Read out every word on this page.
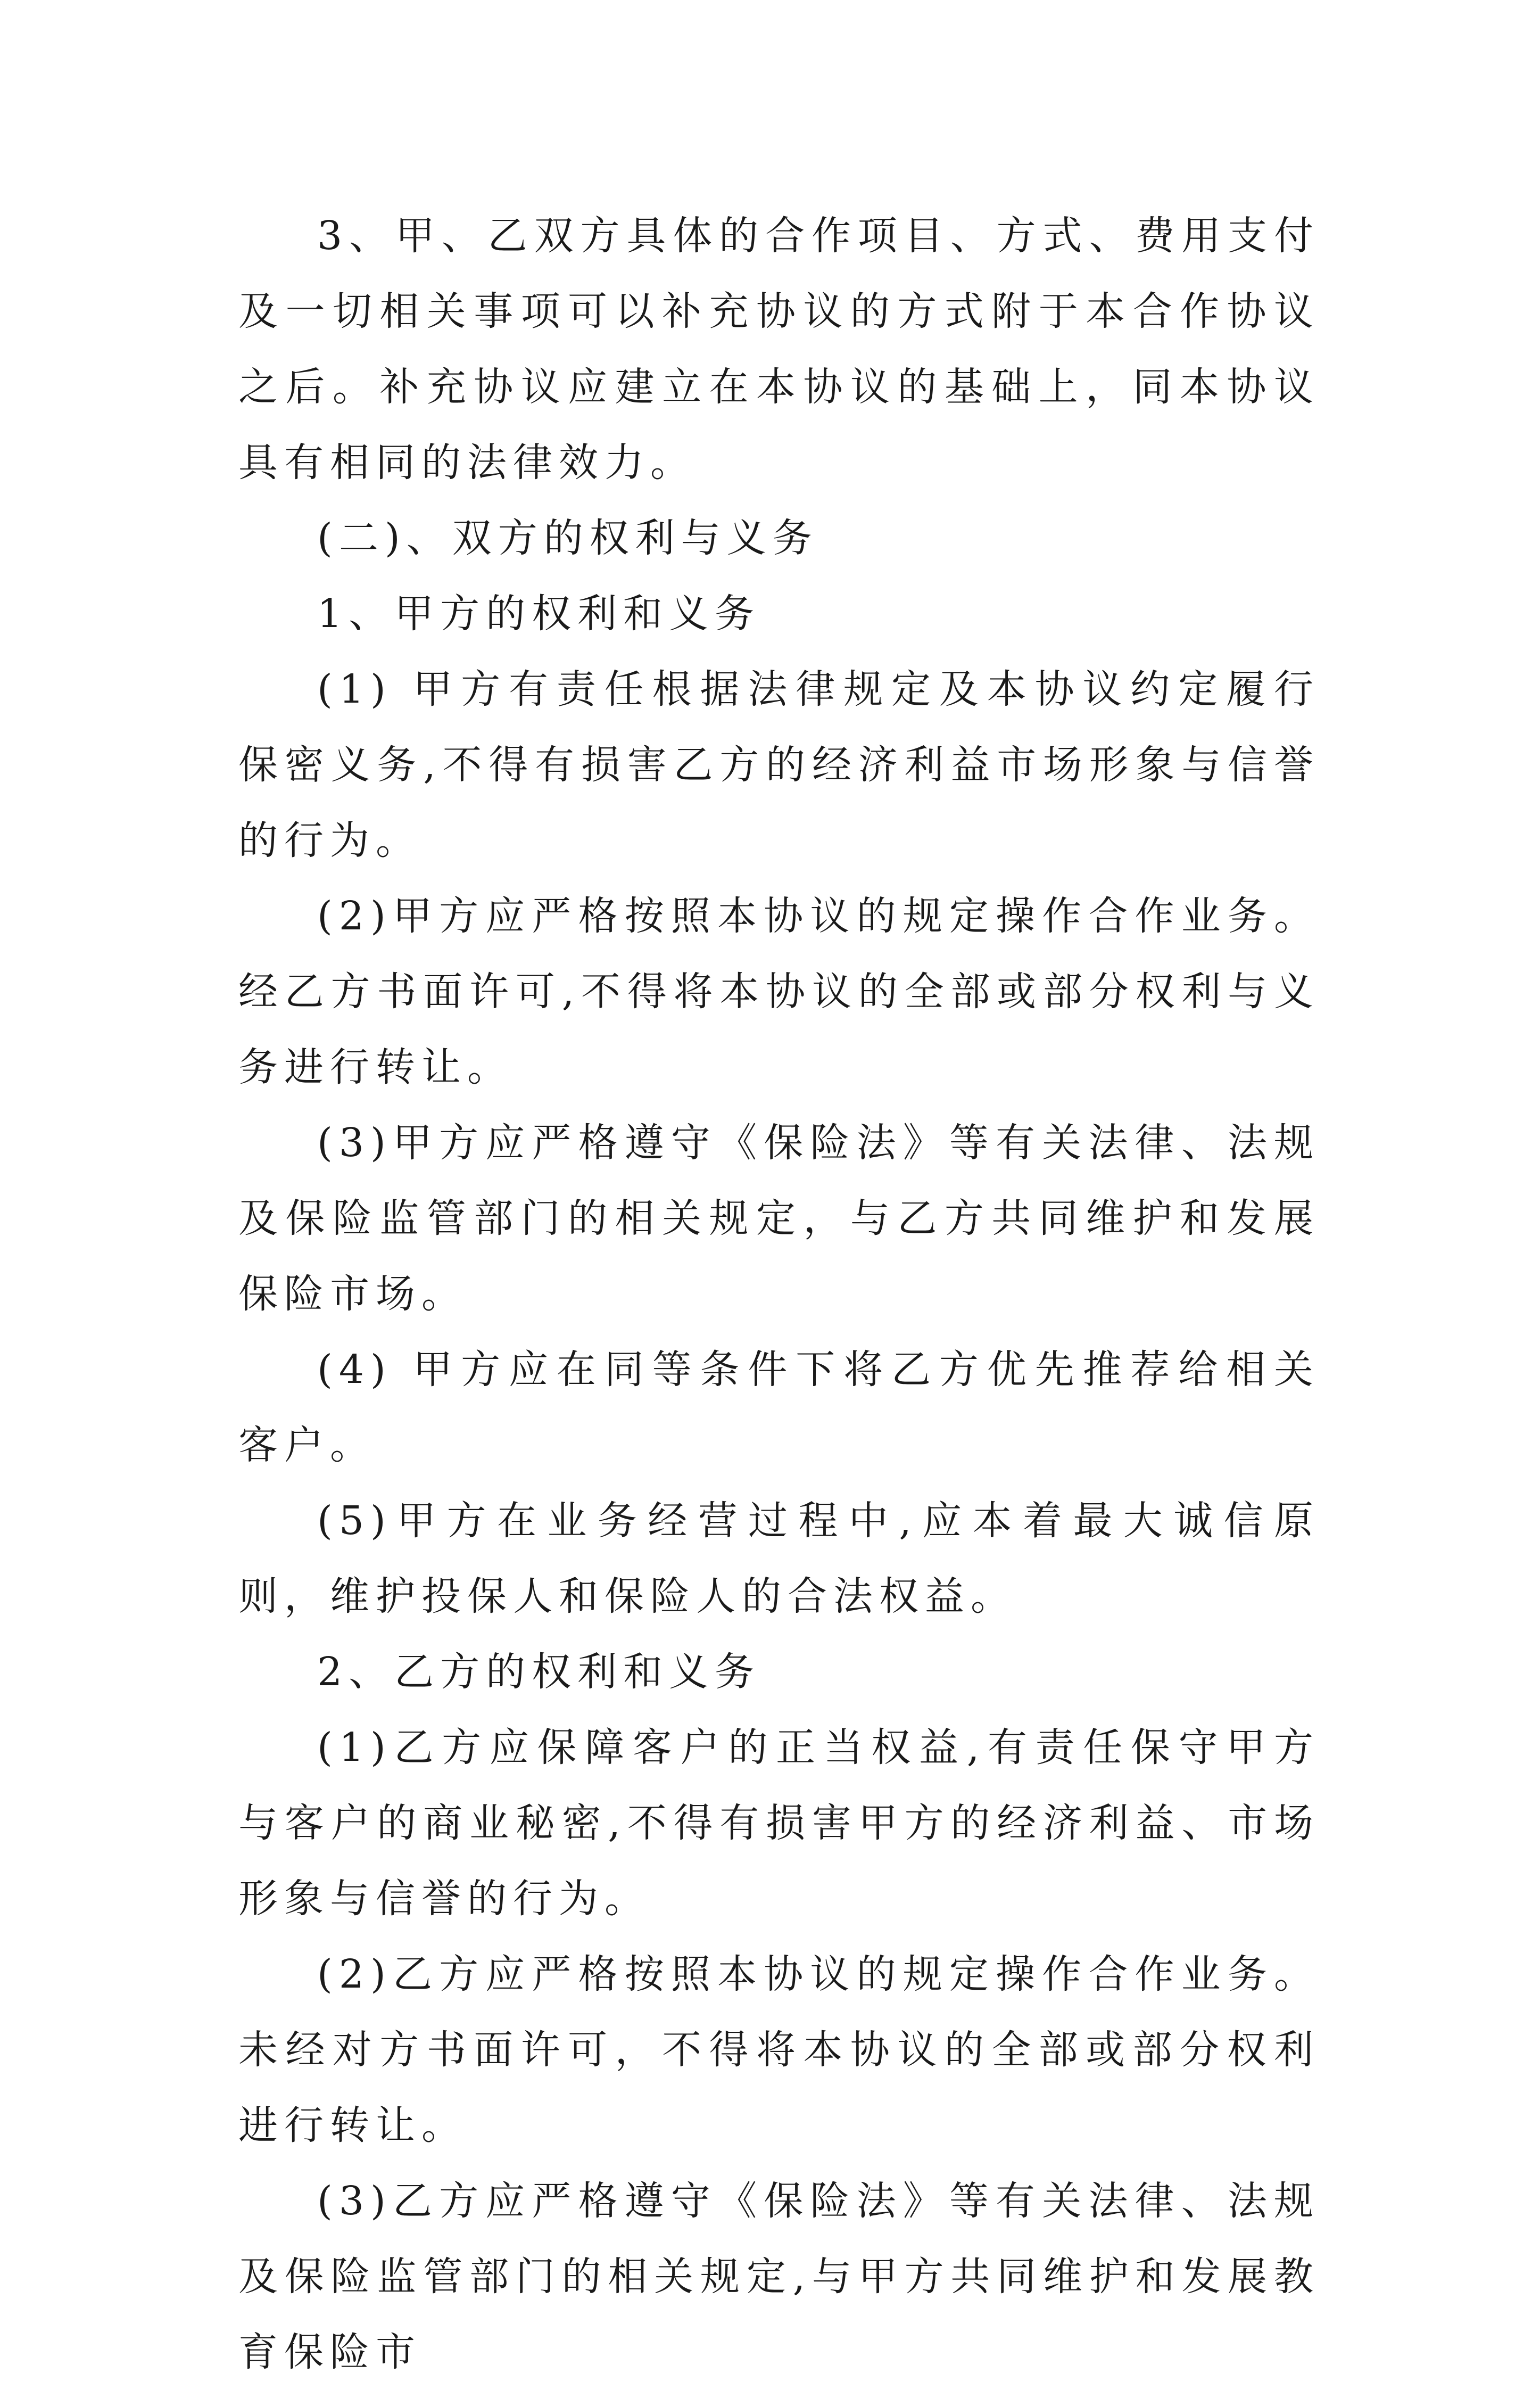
3、甲、乙双方具体的合作项目、方式、费用支付及一切相关事项可以补充协议的方式附于本合作协议之后。补充协议应建立在本协议的基础上，同本协议具有相同的法律效力。

(二)、双方的权利与义务

1、甲方的权利和义务

(1) 甲方有责任根据法律规定及本协议约定履行保密义务,不得有损害乙方的经济利益市场形象与信誉的行为。

(2)甲方应严格按照本协议的规定操作合作业务。经乙方书面许可,不得将本协议的全部或部分权利与义务进行转让。

(3)甲方应严格遵守《保险法》等有关法律、法规及保险监管部门的相关规定，与乙方共同维护和发展保险市场。

(4) 甲方应在同等条件下将乙方优先推荐给相关客户。

(5)甲方在业务经营过程中,应本着最大诚信原则，维护投保人和保险人的合法权益。

2、乙方的权利和义务

(1)乙方应保障客户的正当权益,有责任保守甲方与客户的商业秘密,不得有损害甲方的经济利益、市场形象与信誉的行为。

(2)乙方应严格按照本协议的规定操作合作业务。未经对方书面许可，不得将本协议的全部或部分权利进行转让。

(3)乙方应严格遵守《保险法》等有关法律、法规及保险监管部门的相关规定,与甲方共同维护和发展教育保险市
